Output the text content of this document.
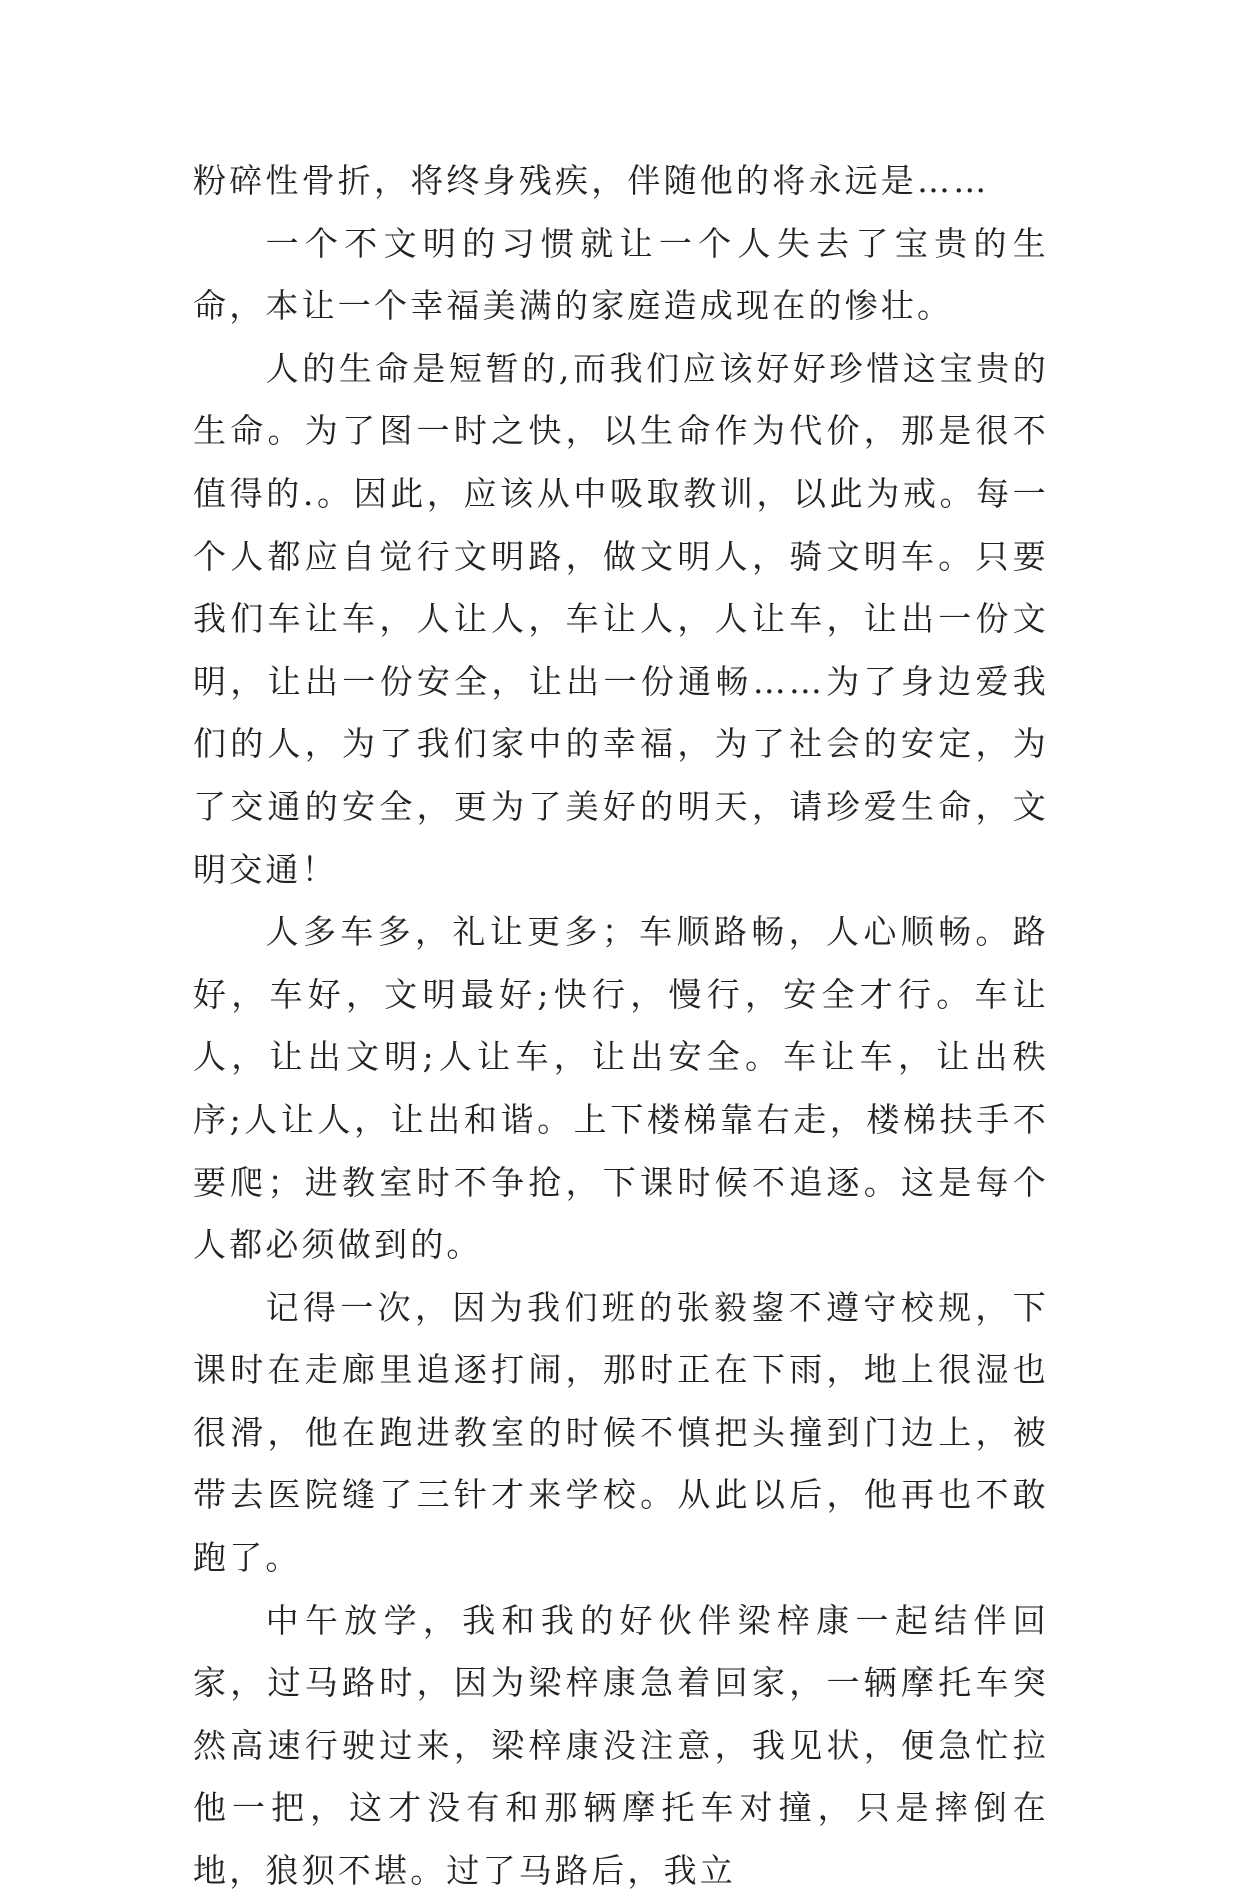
粉碎性骨折，将终身残疾，伴随他的将永远是……

一个不文明的习惯就让一个人失去了宝贵的生命，本让一个幸福美满的家庭造成现在的惨壮。

人的生命是短暂的,而我们应该好好珍惜这宝贵的生命。为了图一时之快，以生命作为代价，那是很不值得的.。因此，应该从中吸取教训，以此为戒。每一个人都应自觉行文明路，做文明人，骑文明车。只要我们车让车，人让人，车让人，人让车，让出一份文明，让出一份安全，让出一份通畅……为了身边爱我们的人，为了我们家中的幸福，为了社会的安定，为了交通的安全，更为了美好的明天，请珍爱生命，文明交通！

人多车多，礼让更多；车顺路畅，人心顺畅。路好，车好，文明最好;快行，慢行，安全才行。车让人，让出文明;人让车，让出安全。车让车，让出秩序;人让人，让出和谐。上下楼梯靠右走，楼梯扶手不要爬；进教室时不争抢，下课时候不追逐。这是每个人都必须做到的。

记得一次，因为我们班的张毅鋆不遵守校规，下课时在走廊里追逐打闹，那时正在下雨，地上很湿也很滑，他在跑进教室的时候不慎把头撞到门边上，被带去医院缝了三针才来学校。从此以后，他再也不敢跑了。

中午放学，我和我的好伙伴梁梓康一起结伴回家，过马路时，因为梁梓康急着回家，一辆摩托车突然高速行驶过来，梁梓康没注意，我见状，便急忙拉他一把，这才没有和那辆摩托车对撞，只是摔倒在地，狼狈不堪。过了马路后，我立
